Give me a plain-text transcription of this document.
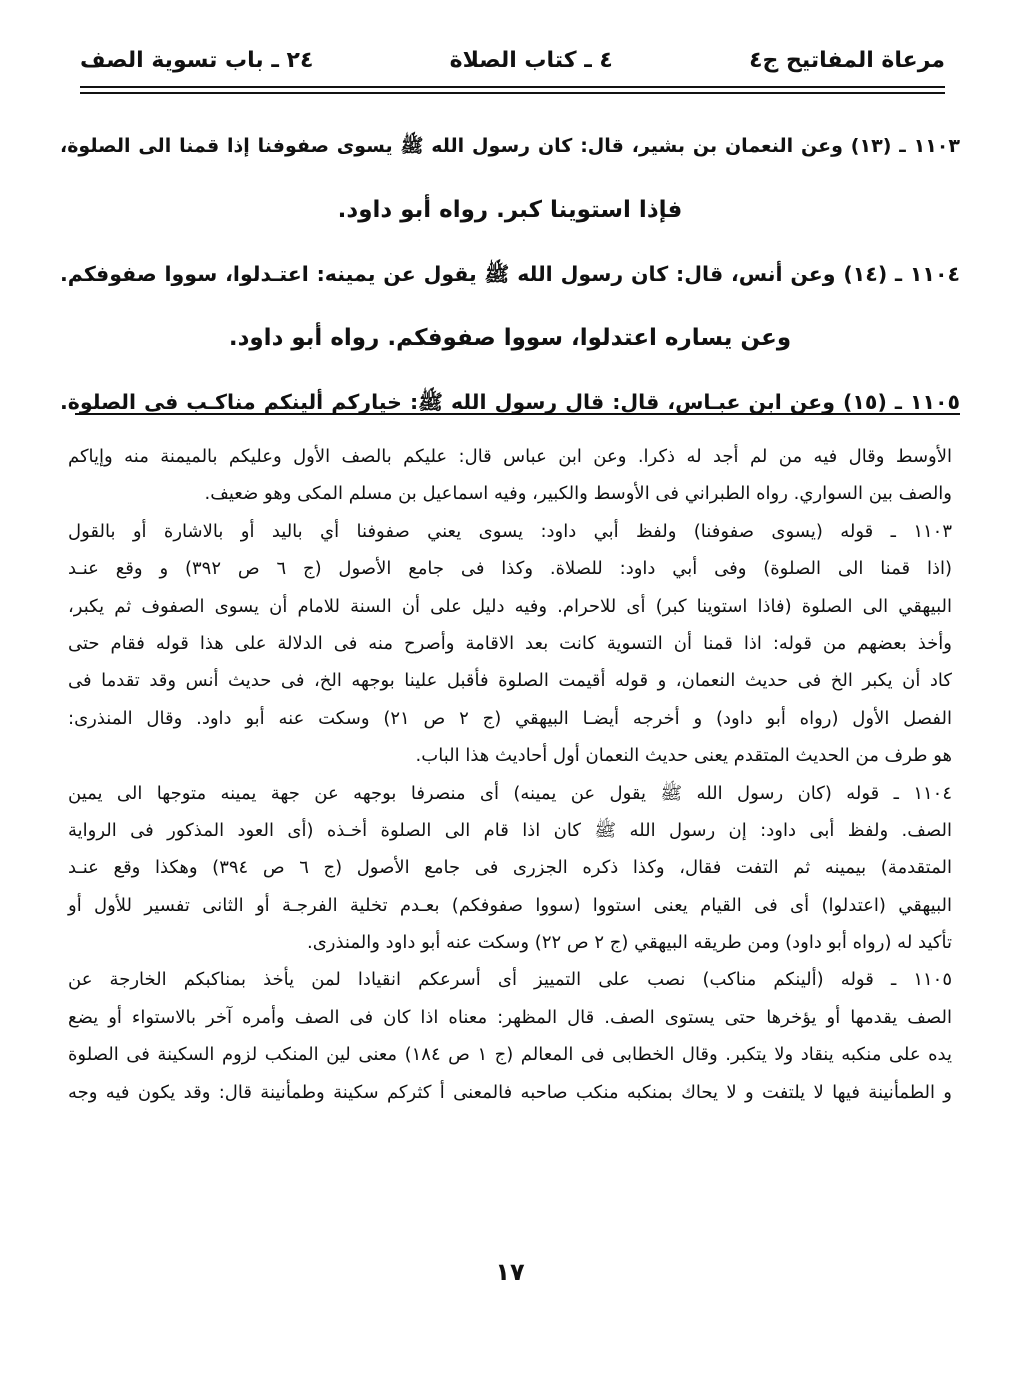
مرعاة المفاتيح ج٤
٤ ـ كتاب الصلاة
٢٤ ـ باب تسوية الصف
١١٠٣ ـ (١٣) وعن النعمان بن بشير، قال: كان رسول الله ﷺ يسوى صفوفنا إذا قمنا الى الصلوة،
فإذا استوينا كبر. رواه أبو داود.
١١٠٤ ـ (١٤) وعن أنس، قال: كان رسول الله ﷺ يقول عن يمينه: اعتـدلوا، سووا صفوفكم.
وعن يساره اعتدلوا، سووا صفوفكم. رواه أبو داود.
١١٠٥ ـ (١٥) وعن ابن عبـاس، قال: قال رسول الله ﷺ: خياركم ألينكم مناكـب فى الصلوة.
الأوسط وقال فيه من لم أجد له ذكرا. وعن ابن عباس قال: عليكم بالصف الأول وعليكم بالميمنة منه وإياكم
والصف بين السواري. رواه الطبراني فى الأوسط والكبير، وفيه اسماعيل بن مسلم المكى وهو ضعيف.
١١٠٣ ـ قوله (يسوى صفوفنا) ولفظ أبي داود: يسوى يعني صفوفنا أي باليد أو بالاشارة أو بالقول
(اذا قمنا الى الصلوة) وفى أبي داود: للصلاة. وكذا فى جامع الأصول (ج ٦ ص ٣٩٢) و وقع عنـد
البيهقي الى الصلوة (فاذا استوينا كبر) أى للاحرام. وفيه دليل على أن السنة للامام أن يسوى الصفوف ثم يكبر،
وأخذ بعضهم من قوله: اذا قمنا أن التسوية كانت بعد الاقامة وأصرح منه فى الدلالة على هذا قوله فقام حتى
كاد أن يكبر الخ فى حديث النعمان، و قوله أقيمت الصلوة فأقبل علينا بوجهه الخ، فى حديث أنس وقد تقدما فى
الفصل الأول (رواه أبو داود) و أخرجه أيضـا البيهقي (ج ٢ ص ٢١) وسكت عنه أبو داود. وقال المنذرى:
هو طرف من الحديث المتقدم يعنى حديث النعمان أول أحاديث هذا الباب.
١١٠٤ ـ قوله (كان رسول الله ﷺ يقول عن يمينه) أى منصرفا بوجهه عن جهة يمينه متوجها الى يمين
الصف. ولفظ أبى داود: إن رسول الله ﷺ كان اذا قام الى الصلوة أخـذه (أى العود المذكور فى الرواية
المتقدمة) بيمينه ثم التفت فقال، وكذا ذكره الجزرى فى جامع الأصول (ج ٦ ص ٣٩٤) وهكذا وقع عنـد
البيهقي (اعتدلوا) أى فى القيام يعنى استووا (سووا صفوفكم) بعـدم تخلية الفرجـة أو الثانى تفسير للأول أو
تأكيد له (رواه أبو داود) ومن طريقه البيهقي (ج ٢ ص ٢٢) وسكت عنه أبو داود والمنذرى.
١١٠٥ ـ قوله (ألينكم مناكب) نصب على التمييز أى أسرعكم انقيادا لمن يأخذ بمناكبكم الخارجة عن
الصف يقدمها أو يؤخرها حتى يستوى الصف. قال المظهر: معناه اذا كان فى الصف وأمره آخر بالاستواء أو يضع
يده على منكبه ينقاد ولا يتكبر. وقال الخطابى فى المعالم (ج ١ ص ١٨٤) معنى لين المنكب لزوم السكينة فى الصلوة
و الطمأنينة فيها لا يلتفت و لا يحاك بمنكبه منكب صاحبه فالمعنى أ كثركم سكينة وطمأنينة قال: وقد يكون فيه وجه
١٧
